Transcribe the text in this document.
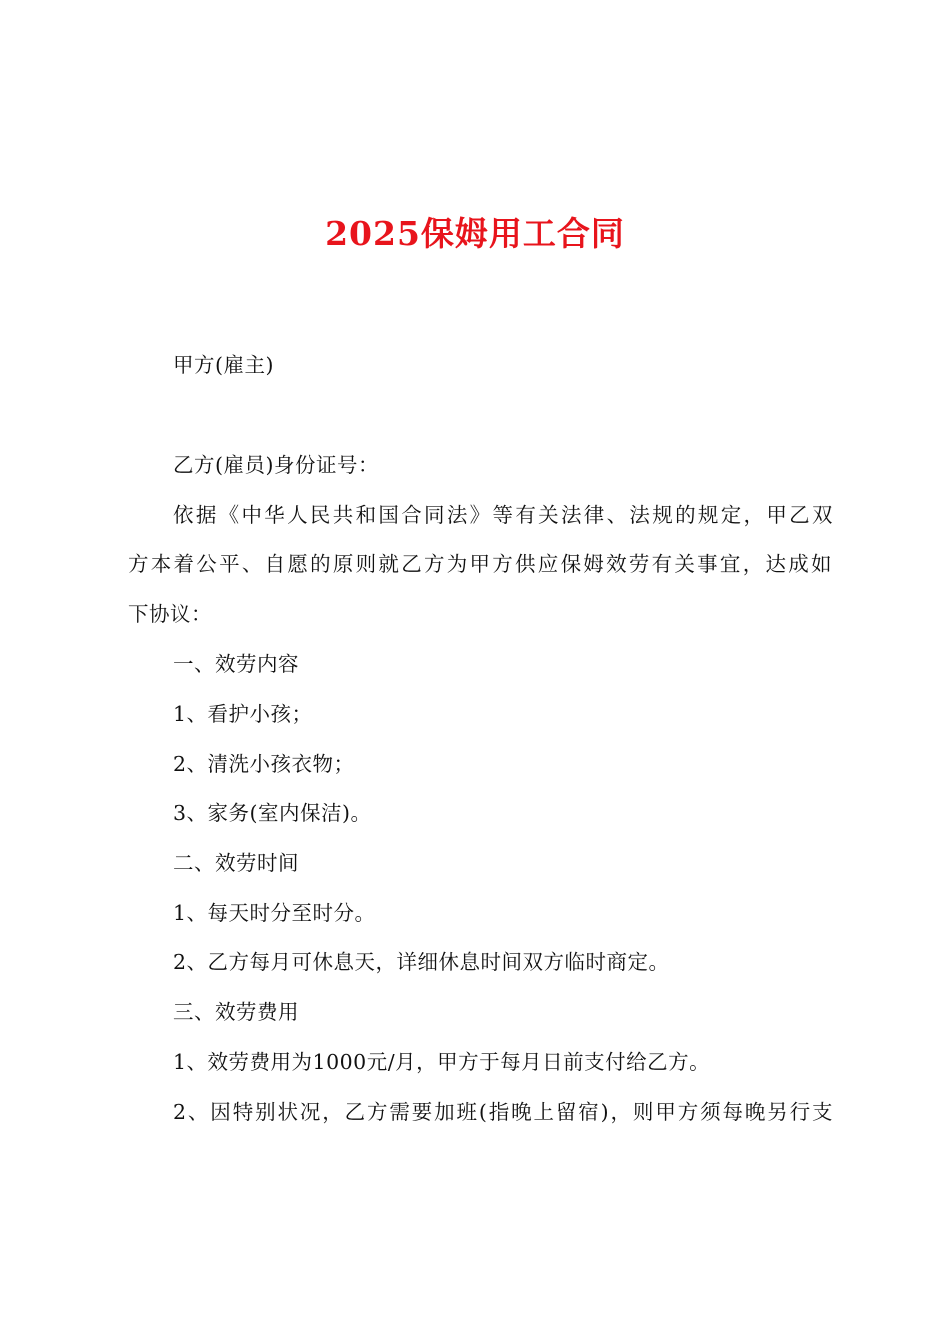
2025保姆用工合同
甲方(雇主)
乙方(雇员)身份证号：
依据《中华人民共和国合同法》等有关法律、法规的规定，甲乙双
方本着公平、自愿的原则就乙方为甲方供应保姆效劳有关事宜，达成如
下协议：
一、效劳内容
1、看护小孩；
2、清洗小孩衣物；
3、家务(室内保洁)。
二、效劳时间
1、每天时分至时分。
2、乙方每月可休息天，详细休息时间双方临时商定。
三、效劳费用
1、效劳费用为1000元/月，甲方于每月日前支付给乙方。
2、因特别状况，乙方需要加班(指晚上留宿)，则甲方须每晚另行支
